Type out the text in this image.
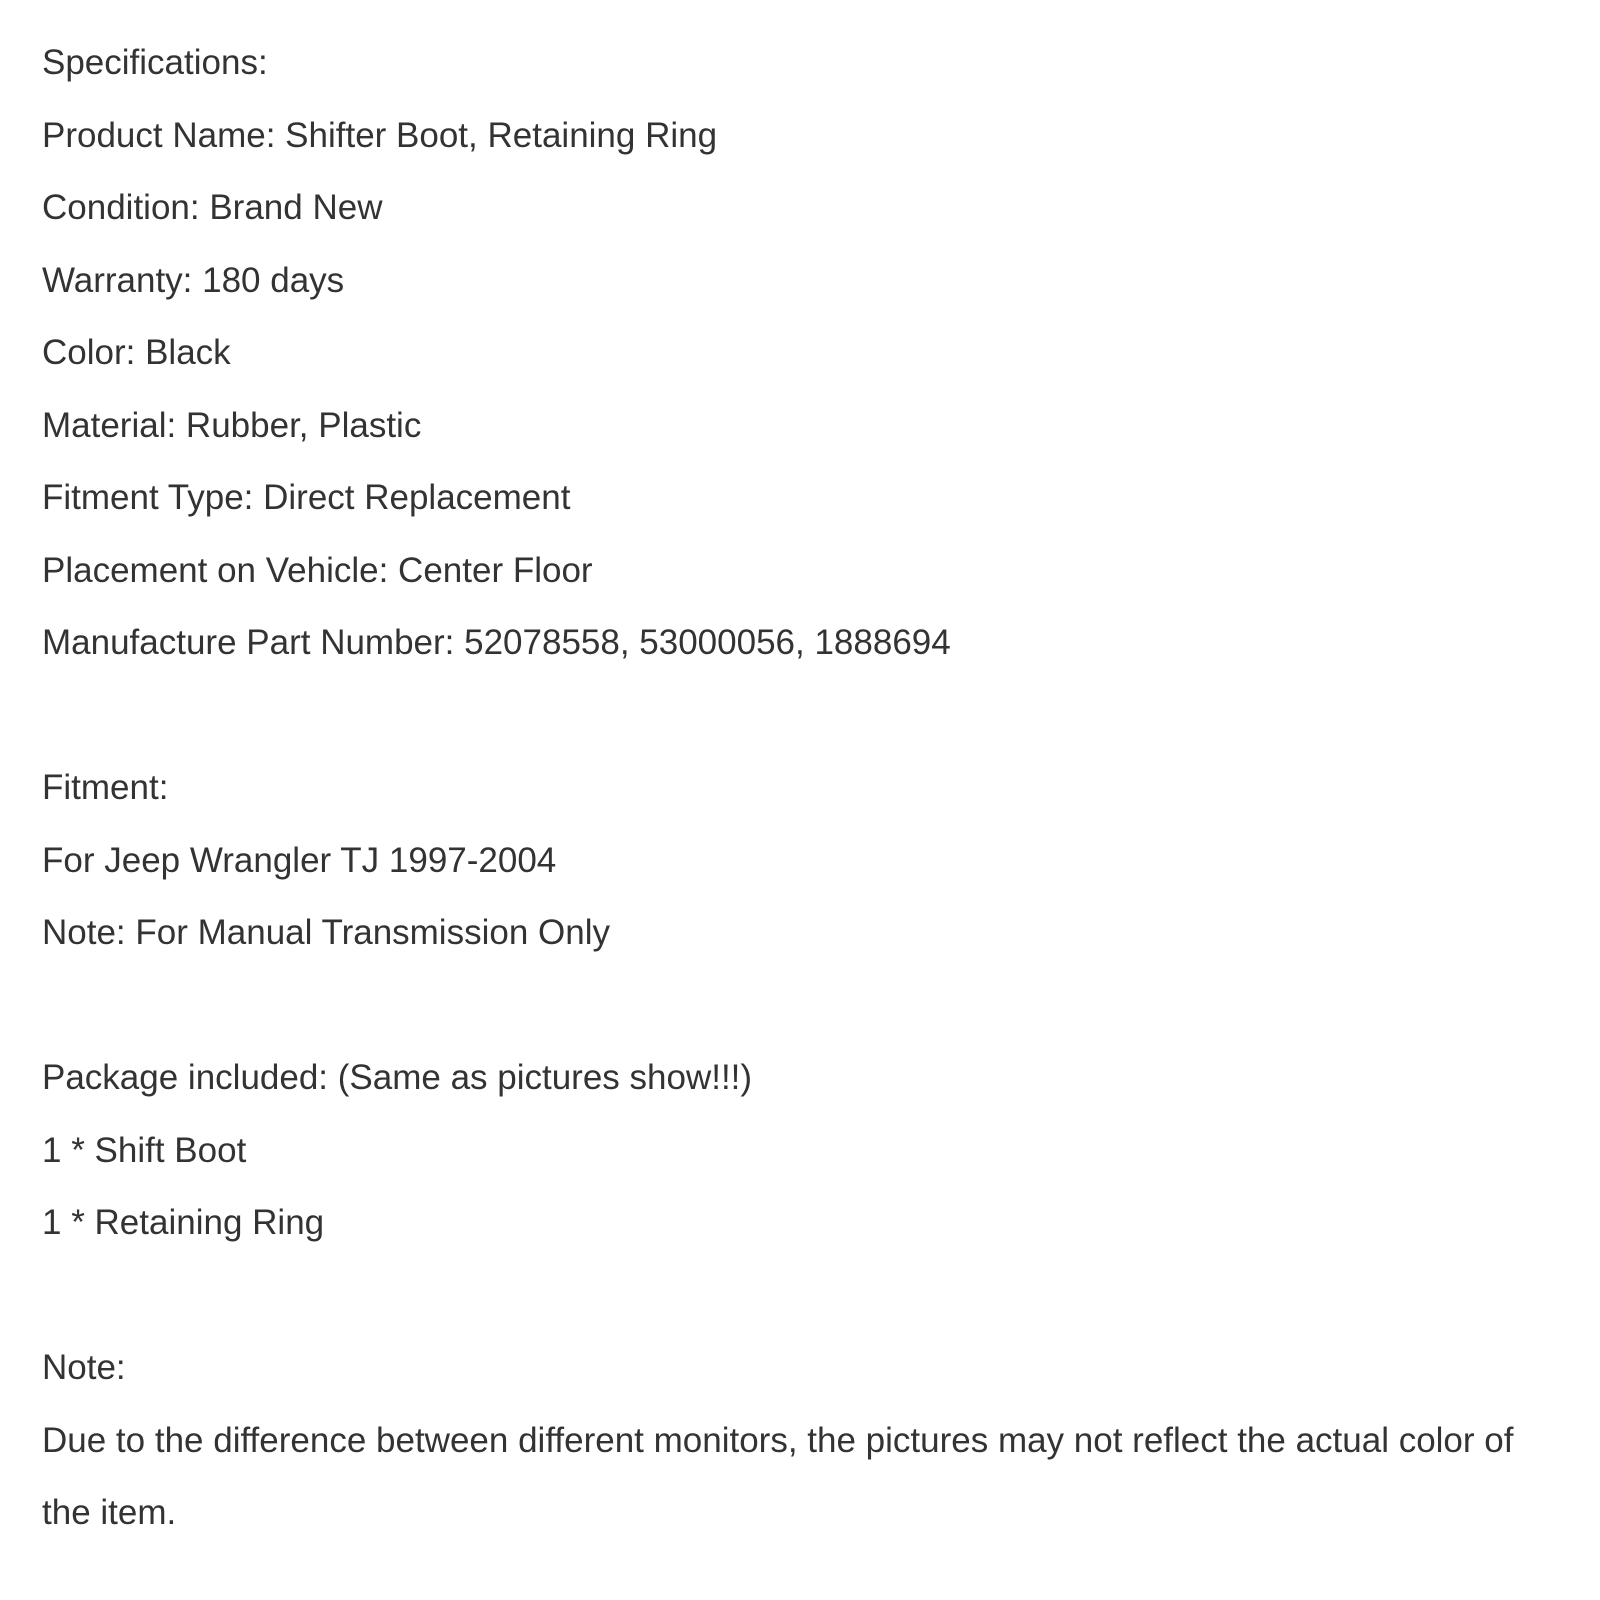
Specifications:
Product Name: Shifter Boot, Retaining Ring
Condition: Brand New
Warranty: 180 days
Color: Black
Material: Rubber, Plastic
Fitment Type: Direct Replacement
Placement on Vehicle: Center Floor
Manufacture Part Number: 52078558, 53000056, 1888694
Fitment:
For Jeep Wrangler TJ 1997-2004
Note: For Manual Transmission Only
Package included: (Same as pictures show!!!)
1 * Shift Boot
1 * Retaining Ring
Note:
Due to the difference between different monitors, the pictures may not reflect the actual color of the item.
